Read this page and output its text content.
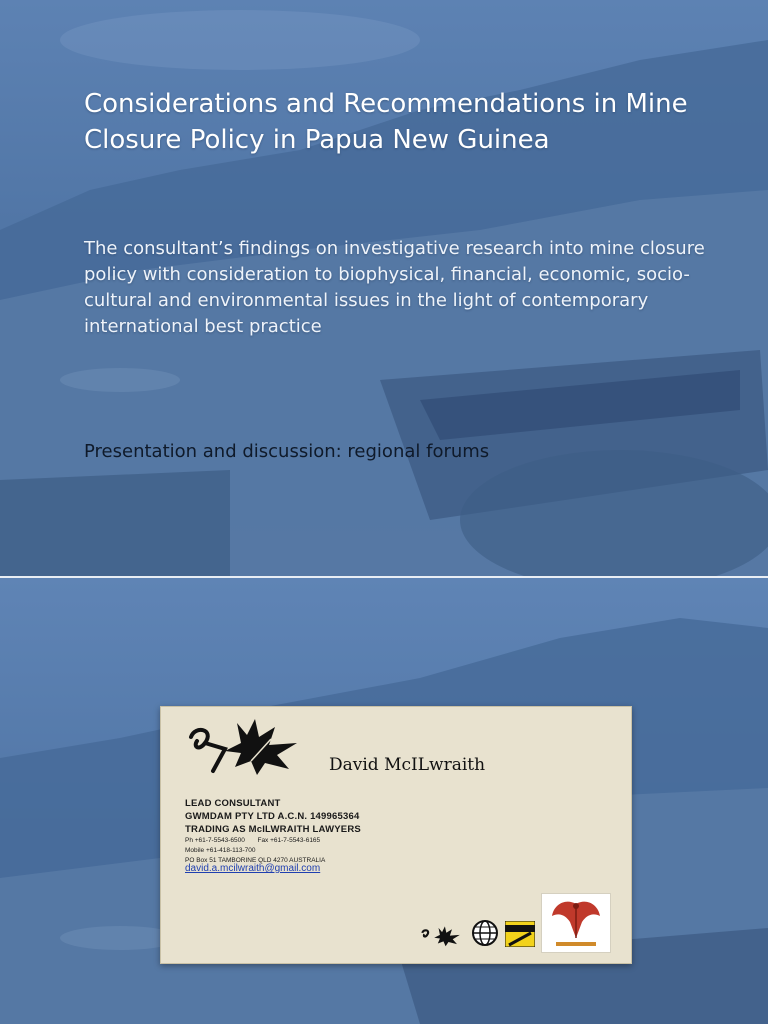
Considerations and Recommendations in Mine Closure Policy in Papua New Guinea
The consultant’s findings on investigative research into mine closure policy with consideration to biophysical, financial, economic, socio-cultural and environmental issues in the light of contemporary international best practice
Presentation and discussion: regional forums
David McILwraith
LEAD CONSULTANT
GWMDAM PTY LTD A.C.N. 149965364
TRADING AS McILWRAITH LAWYERS
Ph +61-7-5543-6500 Fax +61-7-5543-6165
Mobile +61-418-113-700
PO Box 51 TAMBORINE QLD 4270 AUSTRALIA
david.a.mcilwraith@gmail.com
